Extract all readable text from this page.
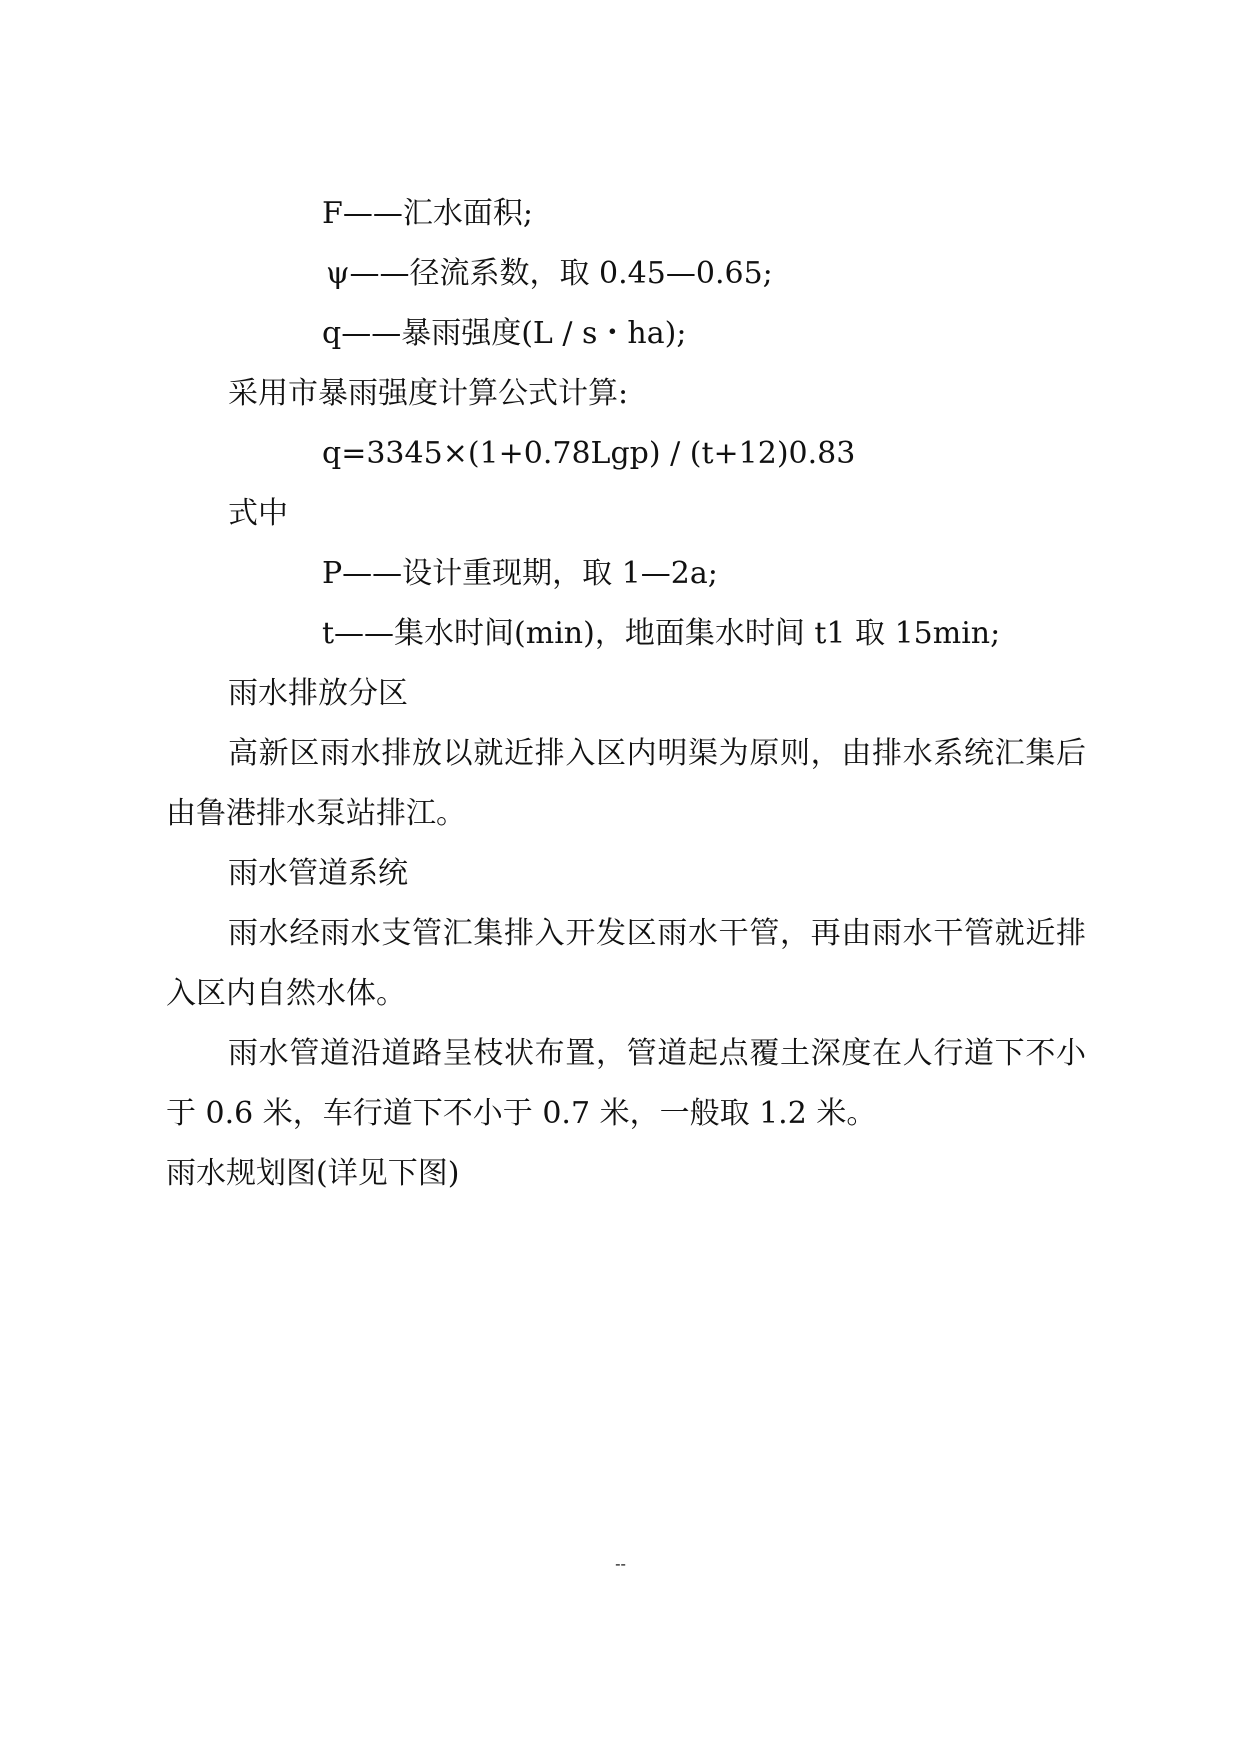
F——汇水面积;
ψ——径流系数，取 0.45—0.65;
q——暴雨强度(L / s・ha);
采用市暴雨强度计算公式计算:
q=3345×(1+0.78Lgp) / (t+12)0.83
式中
P——设计重现期，取 1—2a;
t——集水时间(min)，地面集水时间 t1 取 15min;
雨水排放分区
高新区雨水排放以就近排入区内明渠为原则，由排水系统汇集后
由鲁港排水泵站排江。
雨水管道系统
雨水经雨水支管汇集排入开发区雨水干管，再由雨水干管就近排
入区内自然水体。
雨水管道沿道路呈枝状布置，管道起点覆土深度在人行道下不小
于 0.6 米，车行道下不小于 0.7 米，一般取 1.2 米。
雨水规划图(详见下图)
--
